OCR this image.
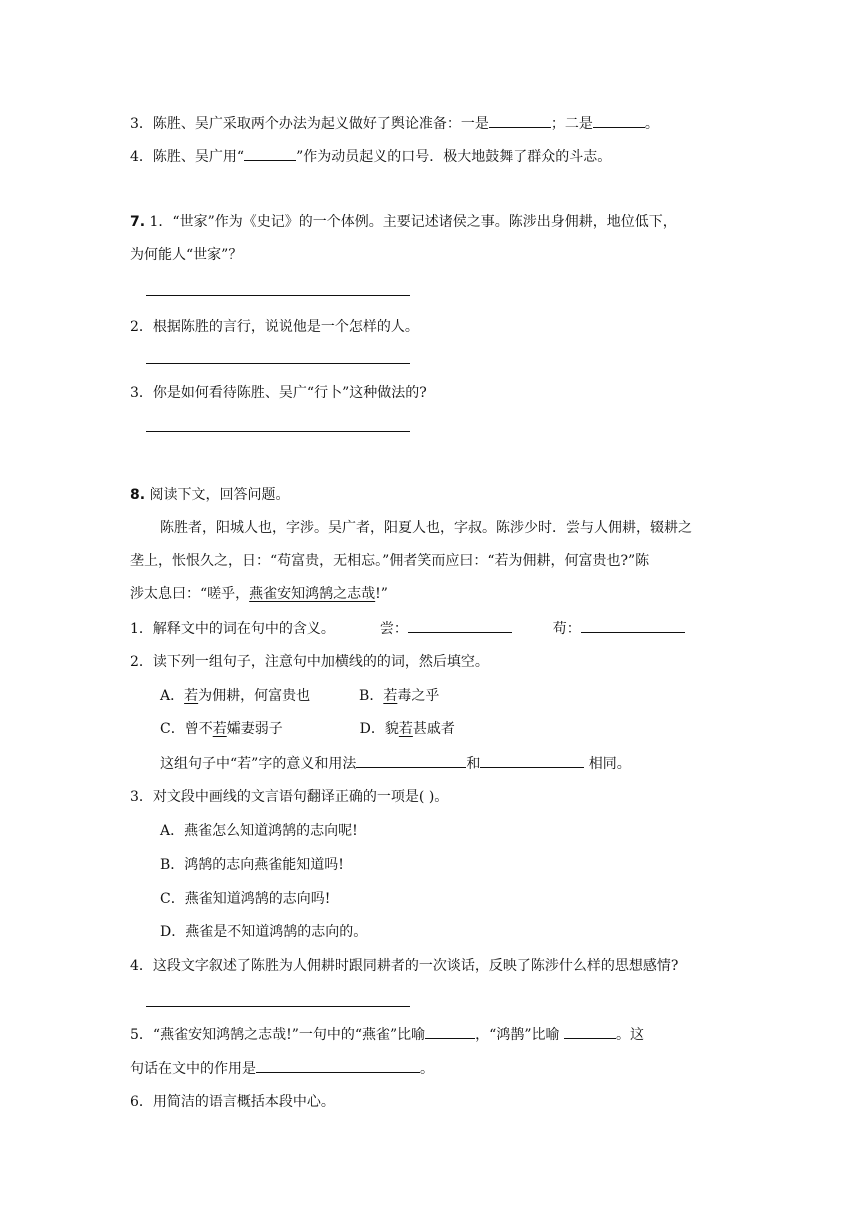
3．陈胜、吴广采取两个办法为起义做好了舆论准备：一是	；二是	。
4．陈胜、吴广用“	”作为动员起义的口号．极大地鼓舞了群众的斗志。
7. 1．“世家”作为《史记》的一个体例。主要记述诸侯之事。陈涉出身佣耕，地位低下，
为何能人“世家”？
2．根据陈胜的言行，说说他是一个怎样的人。
3．你是如何看待陈胜、吴广“行卜”这种做法的?
8. 阅读下文，回答问题。
陈胜者，阳城人也，字涉。吴广者，阳夏人也，字叔。陈涉少时．尝与人佣耕，辍耕之
垄上，怅恨久之，日：“苟富贵，无相忘。”佣者笑而应曰：“若为佣耕，何富贵也?”陈
涉太息曰：“嗟乎，燕雀安知鸿鹄之志哉!”
1．解释文中的词在句中的含义。	尝：	苟：
2．读下列一组句子，注意句中加横线的的词，然后填空。
A．若为佣耕，何富贵也	B．若毒之乎
C．曾不若孀妻弱子	D．貌若甚戚者
这组句子中“若”字的意义和用法	和	相同。
3．对文段中画线的文言语句翻译正确的一项是( )。
A．燕雀怎么知道鸿鹄的志向呢!
B．鸿鹄的志向燕雀能知道吗!
C．燕雀知道鸿鹄的志向吗!
D．燕雀是不知道鸿鹄的志向的。
4．这段文字叙述了陈胜为人佣耕时跟同耕者的一次谈话，反映了陈涉什么样的思想感情?
5．“燕雀安知鸿鹄之志哉!”一句中的“燕雀”比喻	，“鸿鹊”比喻	。这
句话在文中的作用是	。
6．用简洁的语言概括本段中心。
